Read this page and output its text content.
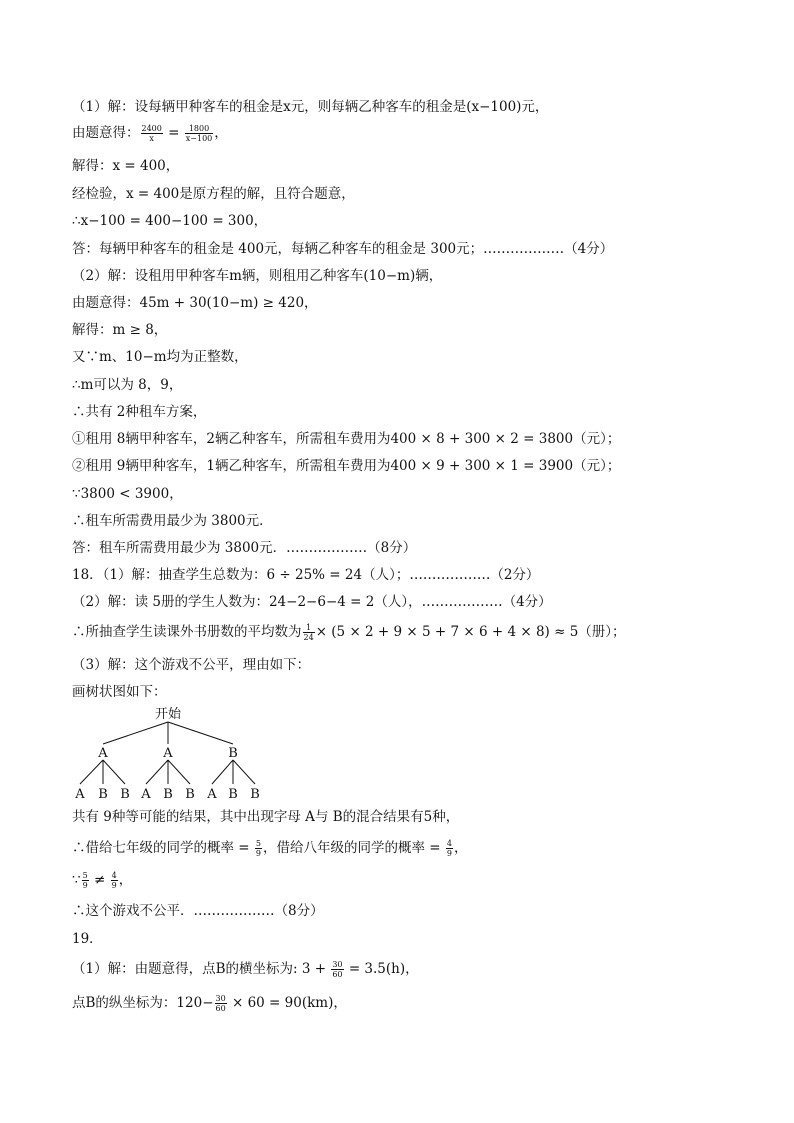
（1）解：设每辆甲种客车的租金是x元，则每辆乙种客车的租金是(x−100)元，
由题意得： $\frac{2400}{x} = \frac{1800}{x-100}$ ，
解得：x = 400，
经检验，x = 400是原方程的解，且符合题意，
∴x−100 = 400−100 = 300，
答：每辆甲种客车的租金是 400元，每辆乙种客车的租金是 300元；………………（4分）
（2）解：设租用甲种客车m辆，则租用乙种客车(10−m)辆，
由题意得：45m + 30(10−m) ≥ 420，
解得：m ≥ 8，
又∵m、10−m均为正整数，
∴m可以为 8，9，
∴共有 2种租车方案，
①租用 8辆甲种客车，2辆乙种客车，所需租车费用为400 × 8 + 300 × 2 = 3800（元）；
②租用 9辆甲种客车，1辆乙种客车，所需租车费用为400 × 9 + 300 × 1 = 3900（元）；
∵3800 < 3900，
∴租车所需费用最少为 3800元．
答：租车所需费用最少为 3800元．………………（8分）
18．（1）解：抽查学生总数为：6 ÷ 25% = 24（人）；………………（2分）
（2）解：读 5册的学生人数为：24−2−6−4 = 2（人），………………（4分）
∴所抽查学生读课外书册数的平均数为 $\frac{1}{24} \times (5 \times 2 + 9 \times 5 + 7 \times 6 + 4 \times 8) \approx 5$（册）；
（3）解：这个游戏不公平，理由如下：
画树状图如下：
开始
A	A	B
A B B A B B A B B
共有 9种等可能的结果，其中出现字母 A与 B的混合结果有5种，
∴借给七年级的同学的概率 = $\frac{5}{9}$ ，借给八年级的同学的概率 = $\frac{4}{9}$ ，
∵ $\frac{5}{9} \ne \frac{4}{9}$ ，
∴这个游戏不公平．………………（8分）
19．
（1）解：由题意得，点B的横坐标为: $3 + \frac{30}{60} = 3.5(h)$，
点B的纵坐标为：$120- \frac{30}{60} \times 60 = 90(km)$，
